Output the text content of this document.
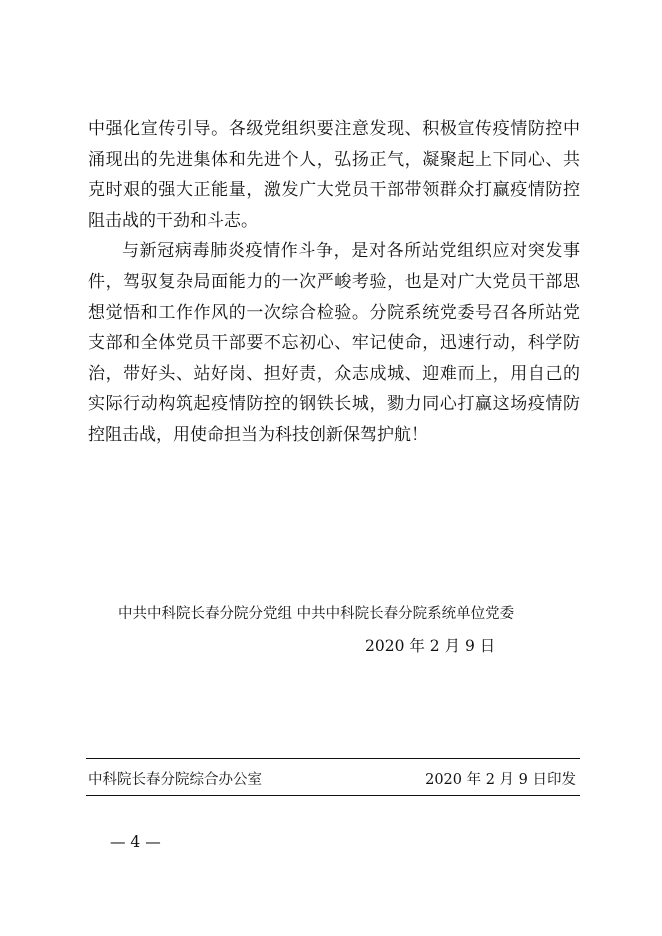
中强化宣传引导。各级党组织要注意发现、积极宣传疫情防控中涌现出的先进集体和先进个人，弘扬正气，凝聚起上下同心、共克时艰的强大正能量，激发广大党员干部带领群众打赢疫情防控阻击战的干劲和斗志。

与新冠病毒肺炎疫情作斗争，是对各所站党组织应对突发事件，驾驭复杂局面能力的一次严峻考验，也是对广大党员干部思想觉悟和工作作风的一次综合检验。分院系统党委号召各所站党支部和全体党员干部要不忘初心、牢记使命，迅速行动，科学防治，带好头、站好岗、担好责，众志成城、迎难而上，用自己的实际行动构筑起疫情防控的钢铁长城，勠力同心打赢这场疫情防控阻击战，用使命担当为科技创新保驾护航！

中共中科院长春分院分党组 中共中科院长春分院系统单位党委
2020 年 2 月 9 日
中科院长春分院综合办公室	2020 年 2 月 9 日印发
— 4 —
